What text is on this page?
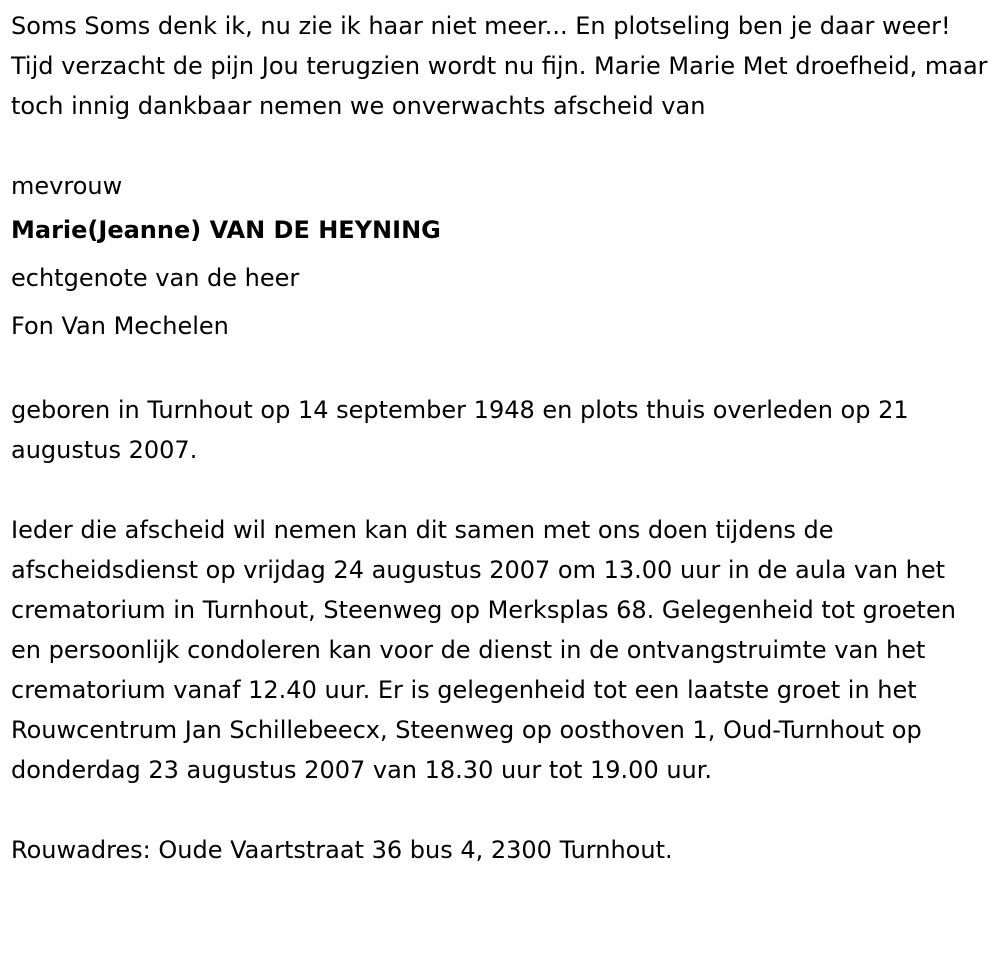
Soms Soms denk ik, nu zie ik haar niet meer... En plotseling ben je daar weer! Tijd verzacht de pijn Jou terugzien wordt nu fijn. Marie Marie Met droefheid, maar toch innig dankbaar nemen we onverwachts afscheid van

mevrouw
Marie(Jeanne) VAN DE HEYNING
echtgenote van de heer
Fon Van Mechelen

geboren in Turnhout op 14 september 1948 en plots thuis overleden op 21 augustus 2007.

Ieder die afscheid wil nemen kan dit samen met ons doen tijdens de afscheidsdienst op vrijdag 24 augustus 2007 om 13.00 uur in de aula van het crematorium in Turnhout, Steenweg op Merksplas 68. Gelegenheid tot groeten en persoonlijk condoleren kan voor de dienst in de ontvangstruimte van het crematorium vanaf 12.40 uur. Er is gelegenheid tot een laatste groet in het Rouwcentrum Jan Schillebeecx, Steenweg op oosthoven 1, Oud-Turnhout op donderdag 23 augustus 2007 van 18.30 uur tot 19.00 uur.

Rouwadres: Oude Vaartstraat 36 bus 4, 2300 Turnhout.
